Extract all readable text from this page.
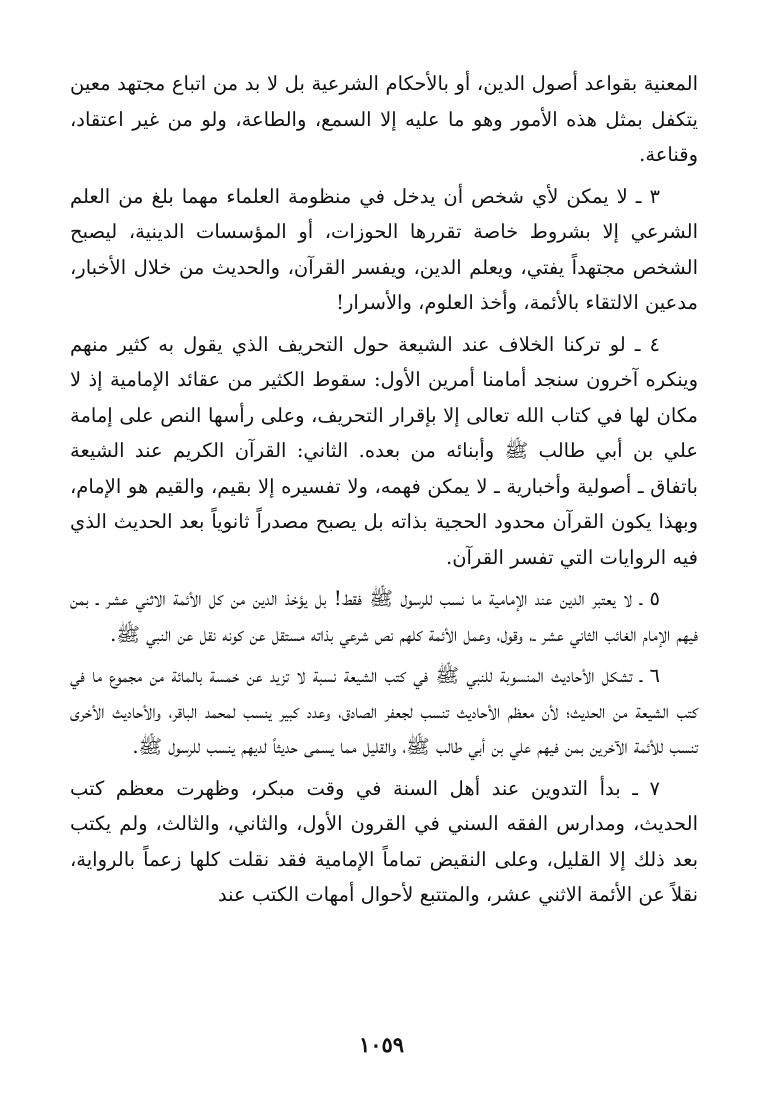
المعنية بقواعد أصول الدين، أو بالأحكام الشرعية بل لا بد من اتباع مجتهد معين يتكفل بمثل هذه الأمور وهو ما عليه إلا السمع، والطاعة، ولو من غير اعتقاد، وقناعة.

٣ ـ لا يمكن لأي شخص أن يدخل في منظومة العلماء مهما بلغ من العلم الشرعي إلا بشروط خاصة تقررها الحوزات، أو المؤسسات الدينية، ليصبح الشخص مجتهداً يفتي، ويعلم الدين، ويفسر القرآن، والحديث من خلال الأخبار، مدعين الالتقاء بالأئمة، وأخذ العلوم، والأسرار!

٤ ـ لو تركنا الخلاف عند الشيعة حول التحريف الذي يقول به كثير منهم وينكره آخرون سنجد أمامنا أمرين الأول: سقوط الكثير من عقائد الإمامية إذ لا مكان لها في كتاب الله تعالى إلا بإقرار التحريف، وعلى رأسها النص على إمامة علي بن أبي طالب ﷺ وأبنائه من بعده. الثاني: القرآن الكريم عند الشيعة باتفاق ـ أصولية وأخبارية ـ لا يمكن فهمه، ولا تفسيره إلا بقيم، والقيم هو الإمام، وبهذا يكون القرآن محدود الحجية بذاته بل يصبح مصدراً ثانوياً بعد الحديث الذي فيه الروايات التي تفسر القرآن.

٥ ـ لا يعتبر الدين عند الإمامية ما نسب للرسول ﷺ فقط! بل يؤخذ الدين من كل الأئمة الاثني عشر ـ بمن فيهم الإمام الغائب الثاني عشر ـ، وقول، وعمل الأئمة كلهم نص شرعي بذاته مستقل عن كونه نقل عن النبي ﷺ.

٦ ـ تشكل الأحاديث المنسوبة للنبي ﷺ في كتب الشيعة نسبة لا تزيد عن خمسة بالمائة من مجموع ما في كتب الشيعة من الحديث؛ لأن معظم الأحاديث تنسب لجعفر الصادق، وعدد كبير ينسب لمحمد الباقر، والأحاديث الأخرى تنسب للأئمة الآخرين بمن فيهم علي بن أبي طالب ﷺ، والقليل مما يسمى حديثاً لديهم ينسب للرسول ﷺ.

٧ ـ بدأ التدوين عند أهل السنة في وقت مبكر، وظهرت معظم كتب الحديث، ومدارس الفقه السني في القرون الأول، والثاني، والثالث، ولم يكتب بعد ذلك إلا القليل، وعلى النقيض تماماً الإمامية فقد نقلت كلها زعماً بالرواية، نقلاً عن الأئمة الاثني عشر، والمتتبع لأحوال أمهات الكتب عند

١٠٥٩
